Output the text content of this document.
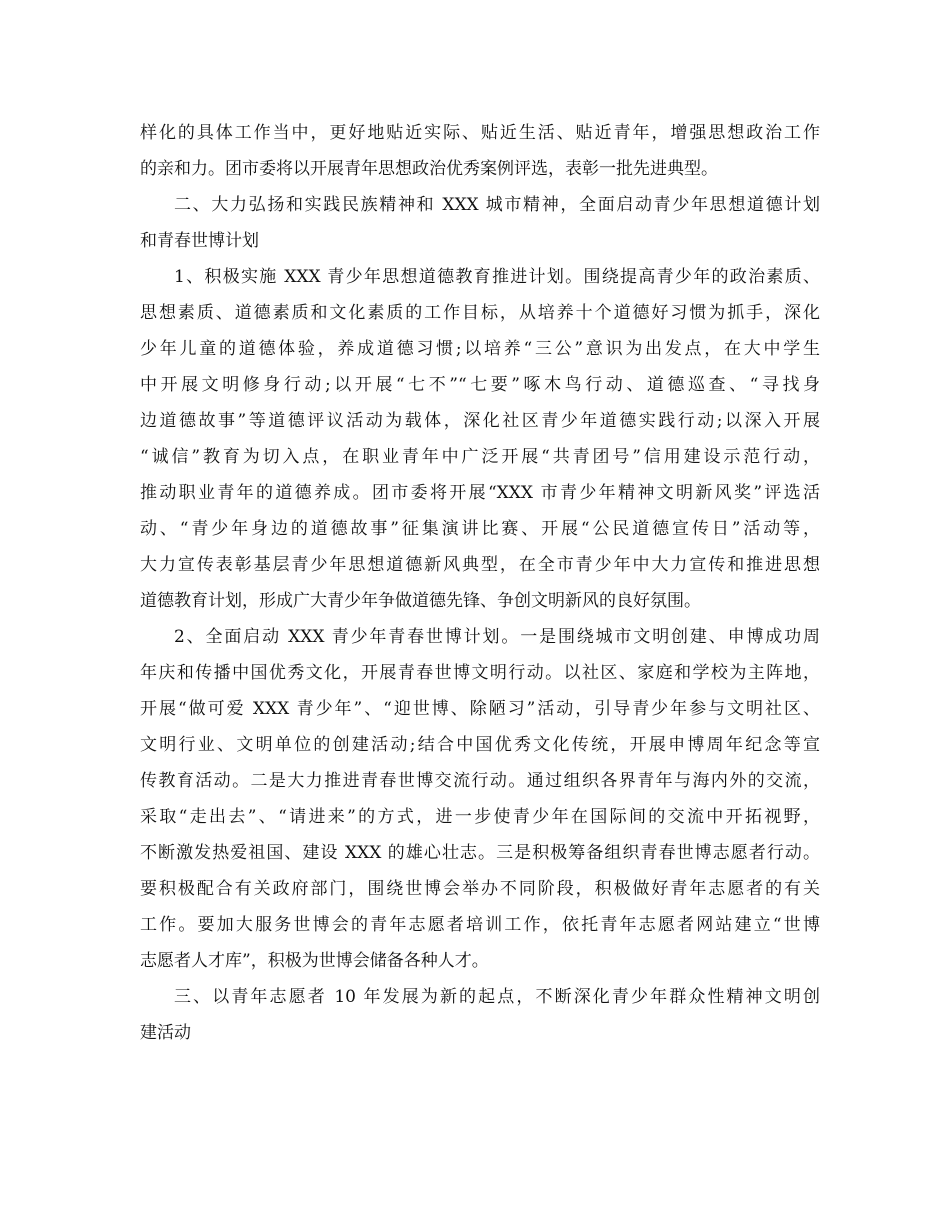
样化的具体工作当中，更好地贴近实际、贴近生活、贴近青年，增强思想政治工作
的亲和力。团市委将以开展青年思想政治优秀案例评选，表彰一批先进典型。
二、大力弘扬和实践民族精神和 XXX 城市精神，全面启动青少年思想道德计划
和青春世博计划
1、积极实施 XXX 青少年思想道德教育推进计划。围绕提高青少年的政治素质、
思想素质、道德素质和文化素质的工作目标，从培养十个道德好习惯为抓手，深化
少年儿童的道德体验，养成道德习惯;以培养“三公”意识为出发点，在大中学生
中开展文明修身行动;以开展“七不”“七要”啄木鸟行动、道德巡查、“寻找身
边道德故事”等道德评议活动为载体，深化社区青少年道德实践行动;以深入开展
“诚信”教育为切入点，在职业青年中广泛开展“共青团号”信用建设示范行动，
推动职业青年的道德养成。团市委将开展“XXX 市青少年精神文明新风奖”评选活
动、“青少年身边的道德故事”征集演讲比赛、开展“公民道德宣传日”活动等，
大力宣传表彰基层青少年思想道德新风典型，在全市青少年中大力宣传和推进思想
道德教育计划，形成广大青少年争做道德先锋、争创文明新风的良好氛围。
2、全面启动 XXX 青少年青春世博计划。一是围绕城市文明创建、申博成功周
年庆和传播中国优秀文化，开展青春世博文明行动。以社区、家庭和学校为主阵地，
开展“做可爱 XXX 青少年”、“迎世博、除陋习”活动，引导青少年参与文明社区、
文明行业、文明单位的创建活动;结合中国优秀文化传统，开展申博周年纪念等宣
传教育活动。二是大力推进青春世博交流行动。通过组织各界青年与海内外的交流，
采取“走出去”、“请进来”的方式，进一步使青少年在国际间的交流中开拓视野，
不断激发热爱祖国、建设 XXX 的雄心壮志。三是积极筹备组织青春世博志愿者行动。
要积极配合有关政府部门，围绕世博会举办不同阶段，积极做好青年志愿者的有关
工作。要加大服务世博会的青年志愿者培训工作，依托青年志愿者网站建立“世博
志愿者人才库”，积极为世博会储备各种人才。
三、以青年志愿者 10 年发展为新的起点，不断深化青少年群众性精神文明创
建活动
